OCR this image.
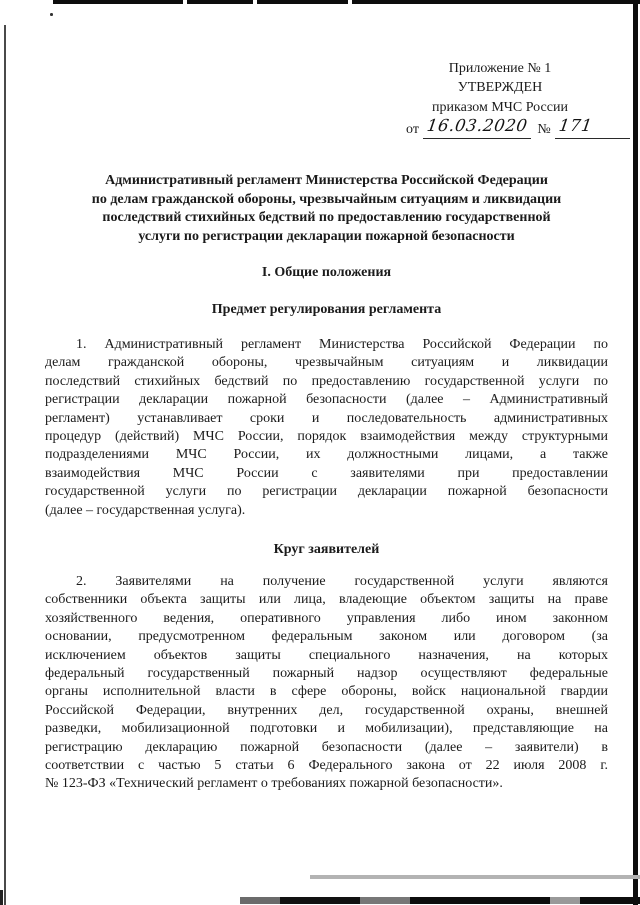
Приложение № 1
УТВЕРЖДЕН
приказом МЧС России
от 16.03.2020 № 171
Административный регламент Министерства Российской Федерации
по делам гражданской обороны, чрезвычайным ситуациям и ликвидации
последствий стихийных бедствий по предоставлению государственной
услуги по регистрации декларации пожарной безопасности
I. Общие положения
Предмет регулирования регламента
1. Административный регламент Министерства Российской Федерации по
делам гражданской обороны, чрезвычайным ситуациям и ликвидации
последствий стихийных бедствий по предоставлению государственной услуги по
регистрации декларации пожарной безопасности (далее – Административный
регламент) устанавливает сроки и последовательность административных
процедур (действий) МЧС России, порядок взаимодействия между структурными
подразделениями МЧС России, их должностными лицами, а также
взаимодействия МЧС России с заявителями при предоставлении
государственной услуги по регистрации декларации пожарной безопасности
(далее – государственная услуга).
Круг заявителей
2. Заявителями на получение государственной услуги являются
собственники объекта защиты или лица, владеющие объектом защиты на праве
хозяйственного ведения, оперативного управления либо ином законном
основании, предусмотренном федеральным законом или договором (за
исключением объектов защиты специального назначения, на которых
федеральный государственный пожарный надзор осуществляют федеральные
органы исполнительной власти в сфере обороны, войск национальной гвардии
Российской Федерации, внутренних дел, государственной охраны, внешней
разведки, мобилизационной подготовки и мобилизации), представляющие на
регистрацию декларацию пожарной безопасности (далее – заявители) в
соответствии с частью 5 статьи 6 Федерального закона от 22 июля 2008 г.
№ 123-ФЗ «Технический регламент о требованиях пожарной безопасности».
